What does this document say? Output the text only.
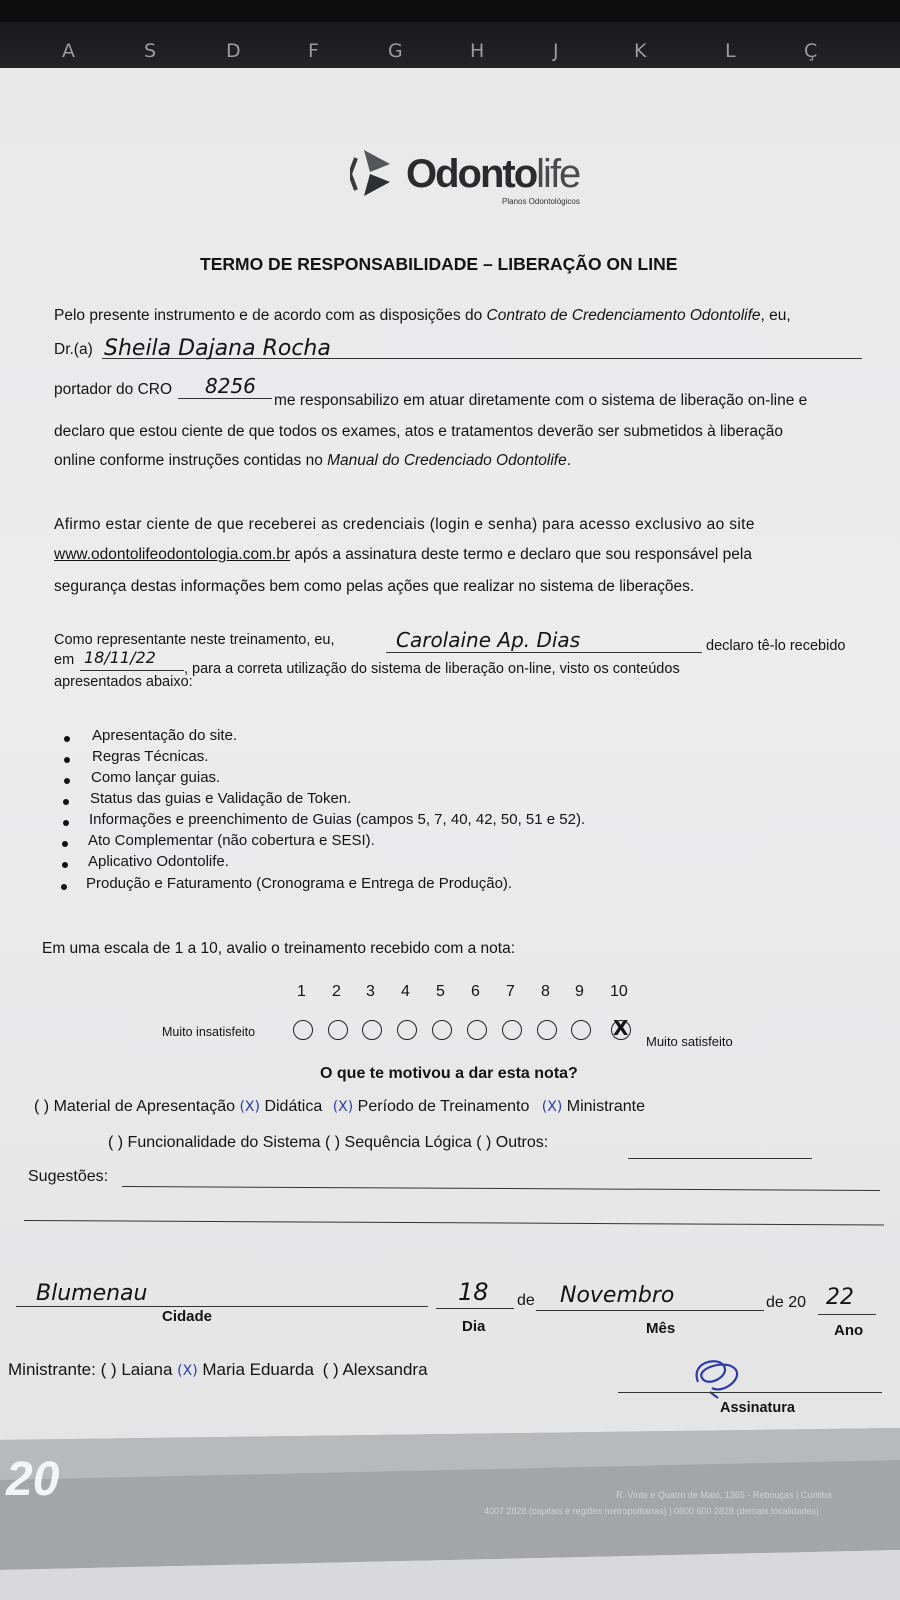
A	S	D	F	G	H	J	K	L	Ç
Odontolife
Planos Odontológicos
TERMO DE RESPONSABILIDADE – LIBERAÇÃO ON LINE
Pelo presente instrumento e de acordo com as disposições do Contrato de Credenciamento Odontolife, eu,
Dr.(a) Sheila Dajana Rocha
portador do CRO 8256
me responsabilizo em atuar diretamente com o sistema de liberação on-line e
declaro que estou ciente de que todos os exames, atos e tratamentos deverão ser submetidos à liberação
online conforme instruções contidas no Manual do Credenciado Odontolife.
Afirmo estar ciente de que receberei as credenciais (login e senha) para acesso exclusivo ao site
www.odontolifeodontologia.com.br após a assinatura deste termo e declaro que sou responsável pela
segurança destas informações bem como pelas ações que realizar no sistema de liberações.
Como representante neste treinamento, eu,	Carolaine Ap. Dias	declaro tê-lo recebido
em 18/11/22
, para a correta utilização do sistema de liberação on-line, visto os conteúdos
apresentados abaixo:
Apresentação do site.
Regras Técnicas.
Como lançar guias.
Status das guias e Validação de Token.
Informações e preenchimento de Guias (campos 5, 7, 40, 42, 50, 51 e 52).
Ato Complementar (não cobertura e SESI).
Aplicativo Odontolife.
Produção e Faturamento (Cronograma e Entrega de Produção).
Em uma escala de 1 a 10, avalio o treinamento recebido com a nota:
1 2 3 4 5 6 7 8 9 10
Muito insatisfeito	X
Muito satisfeito
O que te motivou a dar esta nota?
( ) Material de Apresentação (X) Didática (X) Período de Treinamento (X) Ministrante
( ) Funcionalidade do Sistema ( ) Sequência Lógica ( ) Outros:
Sugestões:
Blumenau
Cidade
18
Dia
de Novembro
Mês
de 20 22
Ano
Ministrante: ( ) Laiana (X) Maria Eduarda ( ) Alexsandra
Assinatura
20	R. Vinte e Quatro de Maio, 1365 - Rebouças | Curitiba
4007 2828 (capitais e regiões metropolitanas) | 0800 600 2828 (demais localidades)
